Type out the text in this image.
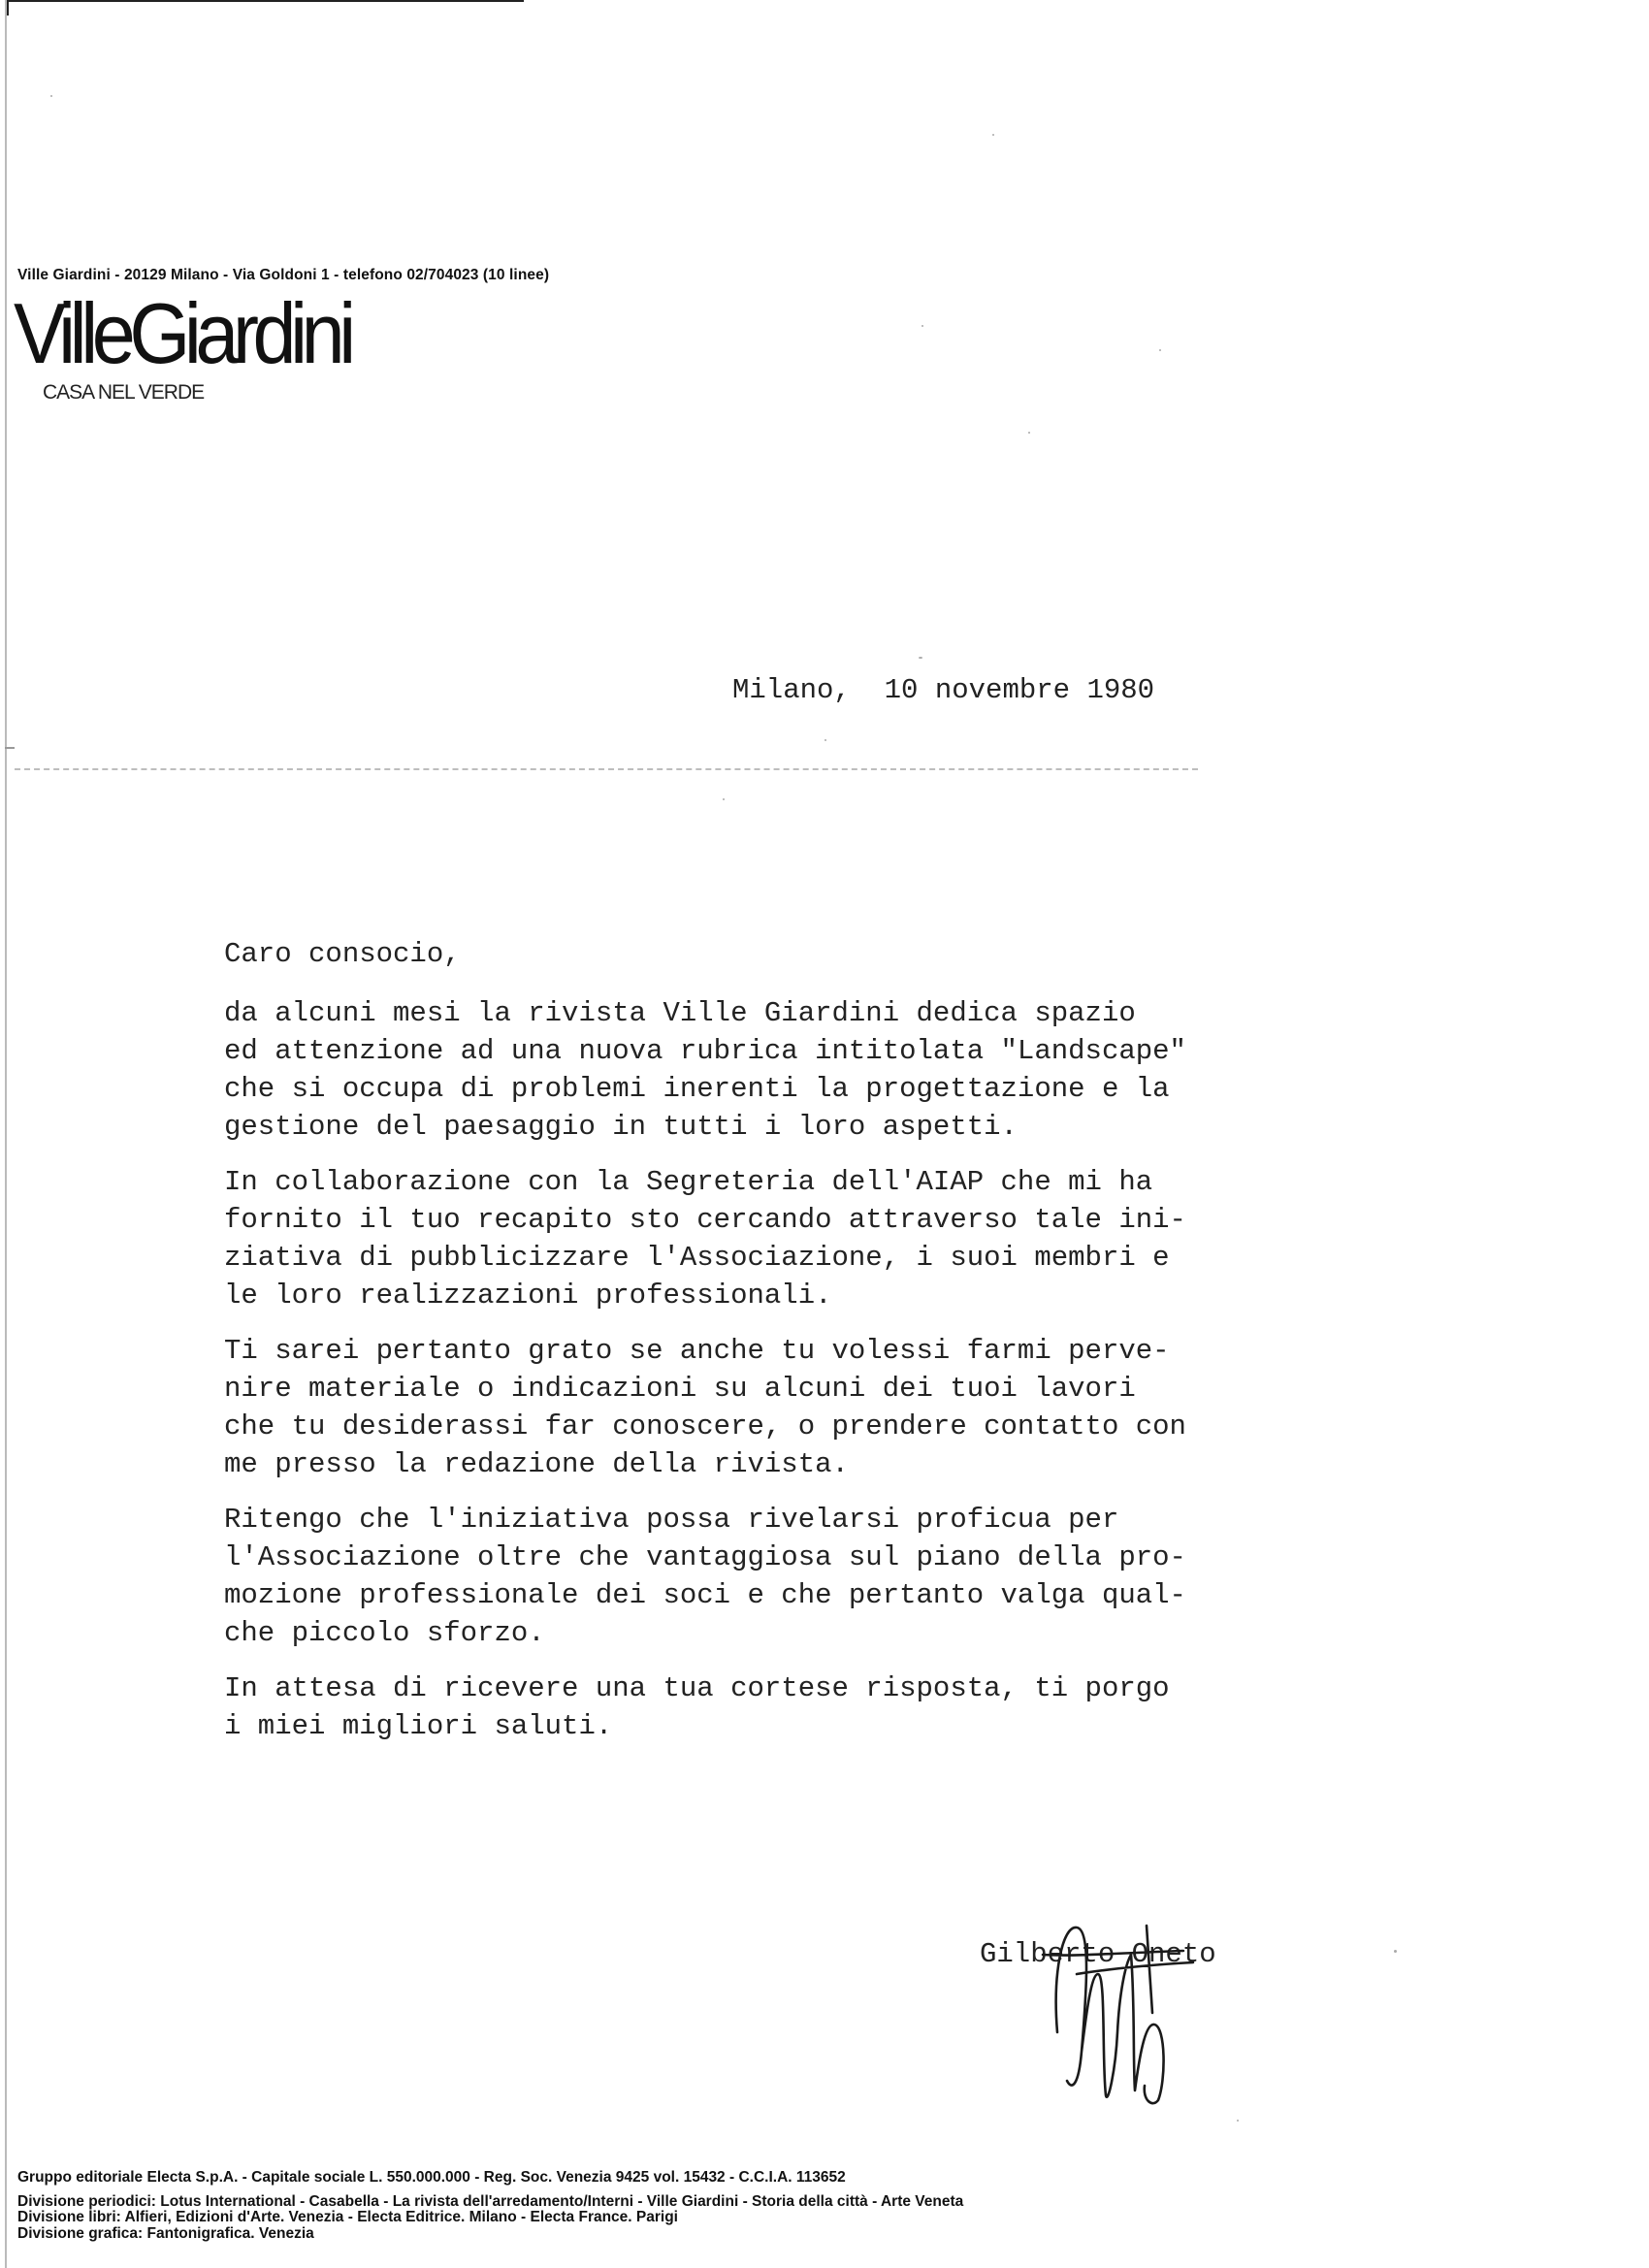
Ville Giardini - 20129 Milano - Via Goldoni 1 - telefono 02/704023 (10 linee)
VilleGiardini
CASA NEL VERDE
Milano,  10 novembre 1980
Caro consocio,
da alcuni mesi la rivista Ville Giardini dedica spazio
ed attenzione ad una nuova rubrica intitolata "Landscape"
che si occupa di problemi inerenti la progettazione e la
gestione del paesaggio in tutti i loro aspetti.
In collaborazione con la Segreteria dell'AIAP che mi ha
fornito il tuo recapito sto cercando attraverso tale ini-
ziativa di pubblicizzare l'Associazione, i suoi membri e
le loro realizzazioni professionali.
Ti sarei pertanto grato se anche tu volessi farmi perve-
nire materiale o indicazioni su alcuni dei tuoi lavori
che tu desiderassi far conoscere, o prendere contatto con
me presso la redazione della rivista.
Ritengo che l'iniziativa possa rivelarsi proficua per
l'Associazione oltre che vantaggiosa sul piano della pro-
mozione professionale dei soci e che pertanto valga qual-
che piccolo sforzo.
In attesa di ricevere una tua cortese risposta, ti porgo
i miei migliori saluti.
Gilberto Oneto
Gruppo editoriale Electa S.p.A. - Capitale sociale L. 550.000.000 - Reg. Soc. Venezia 9425 vol. 15432 - C.C.I.A. 113652
Divisione periodici: Lotus International - Casabella - La rivista dell'arredamento/Interni - Ville Giardini - Storia della città - Arte Veneta
Divisione libri: Alfieri, Edizioni d'Arte. Venezia - Electa Editrice. Milano - Electa France. Parigi
Divisione grafica: Fantonigrafica. Venezia
